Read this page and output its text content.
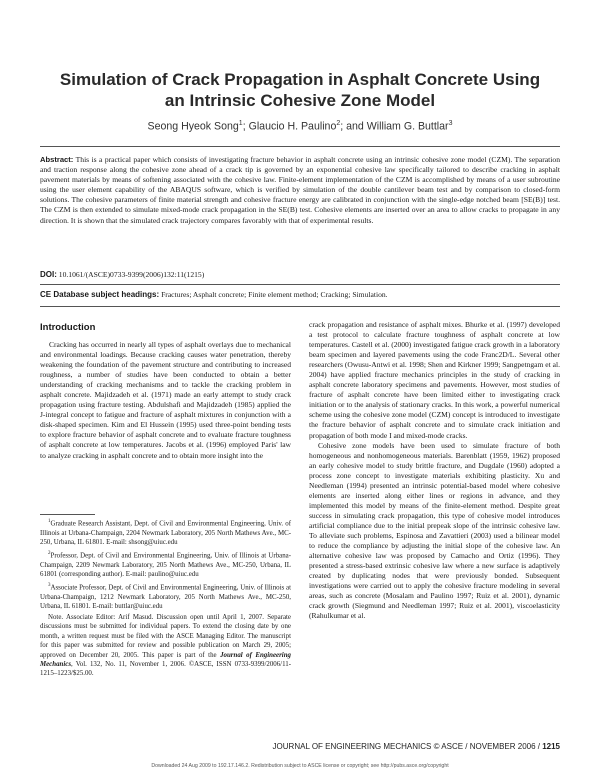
Simulation of Crack Propagation in Asphalt Concrete Using
an Intrinsic Cohesive Zone Model
Seong Hyeok Song$^1$; Glaucio H. Paulino$^2$; and William G. Buttlar$^3$

Abstract: This is a practical paper which consists of investigating fracture behavior in asphalt concrete using an intrinsic cohesive zone model (CZM). The separation and traction response along the cohesive zone ahead of a crack tip is governed by an exponential cohesive law specifically tailored to describe cracking in asphalt pavement materials by means of softening associated with the cohesive law. Finite-element implementation of the CZM is accomplished by means of a user subroutine using the user element capability of the ABAQUS software, which is verified by simulation of the double cantilever beam test and by comparison to closed-form solutions. The cohesive parameters of finite material strength and cohesive fracture energy are calibrated in conjunction with the single-edge notched beam [SE(B)] test. The CZM is then extended to simulate mixed-mode crack propagation in the SE(B) test. Cohesive elements are inserted over an area to allow cracks to propagate in any direction. It is shown that the simulated crack trajectory compares favorably with that of experimental results.

DOI: 10.1061/(ASCE)0733-9399(2006)132:11(1215)
CE Database subject headings: Fractures; Asphalt concrete; Finite element method; Cracking; Simulation.
Introduction

Cracking has occurred in nearly all types of asphalt overlays due to mechanical and environmental loadings. Because cracking causes water penetration, thereby weakening the foundation of the pavement structure and contributing to increased roughness, a number of studies have been conducted to obtain a better understanding of cracking mechanisms and to tackle the cracking problem in asphalt concrete. Majidzadeh et al. (1971) made an early attempt to study crack propagation using fracture testing. Abdulshafi and Majidzadeh (1985) applied the J-integral concept to fatigue and fracture of asphalt mixtures in conjunction with a disk-shaped specimen. Kim and El Hussein (1995) used three-point bending tests to explore fracture behavior of asphalt concrete and to evaluate fracture toughness of asphalt concrete at low temperatures. Jacobs et al. (1996) employed Paris' law to analyze cracking in asphalt concrete and to obtain more insight into the

$^1$Graduate Research Assistant, Dept. of Civil and Environmental Engineering, Univ. of Illinois at Urbana-Champaign, 2204 Newmark Laboratory, 205 North Mathews Ave., MC-250, Urbana, IL 61801. E-mail: shsong@uiuc.edu

$^2$Professor, Dept. of Civil and Environmental Engineering, Univ. of Illinois at Urbana-Champaign, 2209 Newmark Laboratory, 205 North Mathews Ave., MC-250, Urbana, IL 61801 (corresponding author). E-mail: paulino@uiuc.edu

$^3$Associate Professor, Dept. of Civil and Environmental Engineering, Univ. of Illinois at Urbana-Champaign, 1212 Newmark Laboratory, 205 North Mathews Ave., MC-250, Urbana, IL 61801. E-mail: buttlar@uiuc.edu

Note. Associate Editor: Arif Masud. Discussion open until April 1, 2007. Separate discussions must be submitted for individual papers. To extend the closing date by one month, a written request must be filed with the ASCE Managing Editor. The manuscript for this paper was submitted for review and possible publication on March 29, 2005; approved on December 20, 2005. This paper is part of the Journal of Engineering Mechanics, Vol. 132, No. 11, November 1, 2006. ©ASCE, ISSN 0733-9399/2006/11-1215–1223/$25.00.

crack propagation and resistance of asphalt mixes. Bhurke et al. (1997) developed a test protocol to calculate fracture toughness of asphalt concrete at low temperatures. Castell et al. (2000) investigated fatigue crack growth in a laboratory beam specimen and layered pavements using the code Franc2D/L. Several other researchers (Owusu-Antwi et al. 1998; Shen and Kirkner 1999; Sangpetngam et al. 2004) have applied fracture mechanics principles in the study of cracking in asphalt concrete laboratory specimens and pavements. However, most studies of fracture of asphalt concrete have been limited either to investigating crack initiation or to the analysis of stationary cracks. In this work, a powerful numerical scheme using the cohesive zone model (CZM) concept is introduced to investigate the fracture behavior of asphalt concrete and to simulate crack initiation and propagation of both mode I and mixed-mode cracks.

Cohesive zone models have been used to simulate fracture of both homogeneous and nonhomogeneous materials. Barenblatt (1959, 1962) proposed an early cohesive model to study brittle fracture, and Dugdale (1960) adopted a process zone concept to investigate materials exhibiting plasticity. Xu and Needleman (1994) presented an intrinsic potential-based model where cohesive elements are inserted along either lines or regions in advance, and they implemented this model by means of the finite-element method. Despite great success in simulating crack propagation, this type of cohesive model introduces artificial compliance due to the initial prepeak slope of the intrinsic cohesive law. To alleviate such problems, Espinosa and Zavattieri (2003) used a bilinear model to reduce the compliance by adjusting the initial slope of the cohesive law. An alternative cohesive law was proposed by Camacho and Ortiz (1996). They presented a stress-based extrinsic cohesive law where a new surface is adaptively created by duplicating nodes that were previously bonded. Subsequent investigations were carried out to apply the cohesive fracture modeling in several areas, such as concrete (Mosalam and Paulino 1997; Ruiz et al. 2001), dynamic crack growth (Siegmund and Needleman 1997; Ruiz et al. 2001), viscoelasticity (Rahulkumar et al.

JOURNAL OF ENGINEERING MECHANICS © ASCE / NOVEMBER 2006 / 1215
Downloaded 24 Aug 2009 to 192.17.146.2. Redistribution subject to ASCE license or copyright; see http://pubs.asce.org/copyright
